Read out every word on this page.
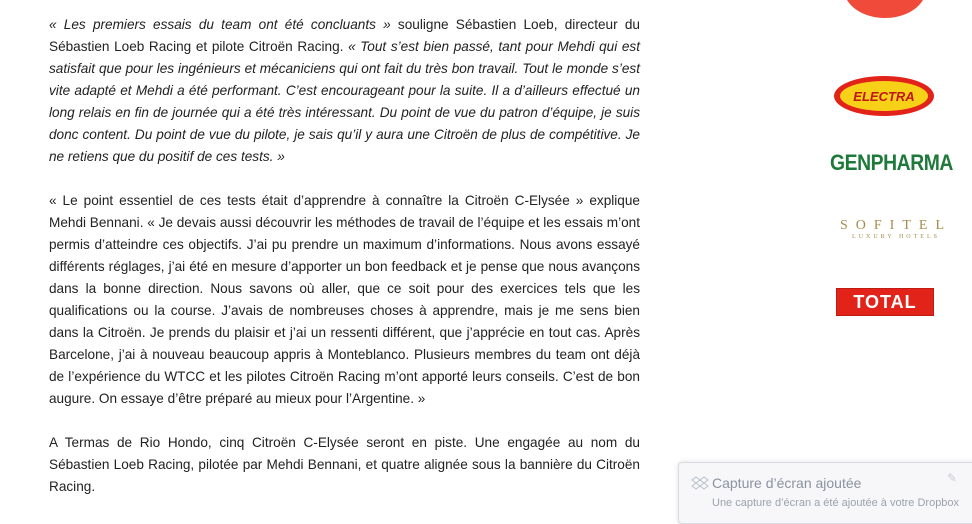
« Les premiers essais du team ont été concluants » souligne Sébastien Loeb, directeur du Sébastien Loeb Racing et pilote Citroën Racing. « Tout s’est bien passé, tant pour Mehdi qui est satisfait que pour les ingénieurs et mécaniciens qui ont fait du très bon travail. Tout le monde s’est vite adapté et Mehdi a été performant. C’est encourageant pour la suite. Il a d’ailleurs effectué un long relais en fin de journée qui a été très intéressant. Du point de vue du patron d’équipe, je suis donc content. Du point de vue du pilote, je sais qu’il y aura une Citroën de plus de compétitive. Je ne retiens que du positif de ces tests. »

« Le point essentiel de ces tests était d’apprendre à connaître la Citroën C-Elysée » explique Mehdi Bennani. « Je devais aussi découvrir les méthodes de travail de l’équipe et les essais m’ont permis d’atteindre ces objectifs. J’ai pu prendre un maximum d’informations. Nous avons essayé différents réglages, j’ai été en mesure d’apporter un bon feedback et je pense que nous avançons dans la bonne direction. Nous savons où aller, que ce soit pour des exercices tels que les qualifications ou la course. J’avais de nombreuses choses à apprendre, mais je me sens bien dans la Citroën. Je prends du plaisir et j’ai un ressenti différent, que j’apprécie en tout cas. Après Barcelone, j’ai à nouveau beaucoup appris à Monteblanco. Plusieurs membres du team ont déjà de l’expérience du WTCC et les pilotes Citroën Racing m’ont apporté leurs conseils. C’est de bon augure. On essaye d’être préparé au mieux pour l’Argentine. »

A Termas de Rio Hondo, cinq Citroën C-Elysée seront en piste. Une engagée au nom du Sébastien Loeb Racing, pilotée par Mehdi Bennani, et quatre alignée sous la bannière du Citroën Racing.

ELECTRA
GENPHARMA
SOFITEL
LUXURY HOTELS
TOTAL
Capture d’écran ajoutée
Une capture d’écran a été ajoutée à votre Dropbox
✎
